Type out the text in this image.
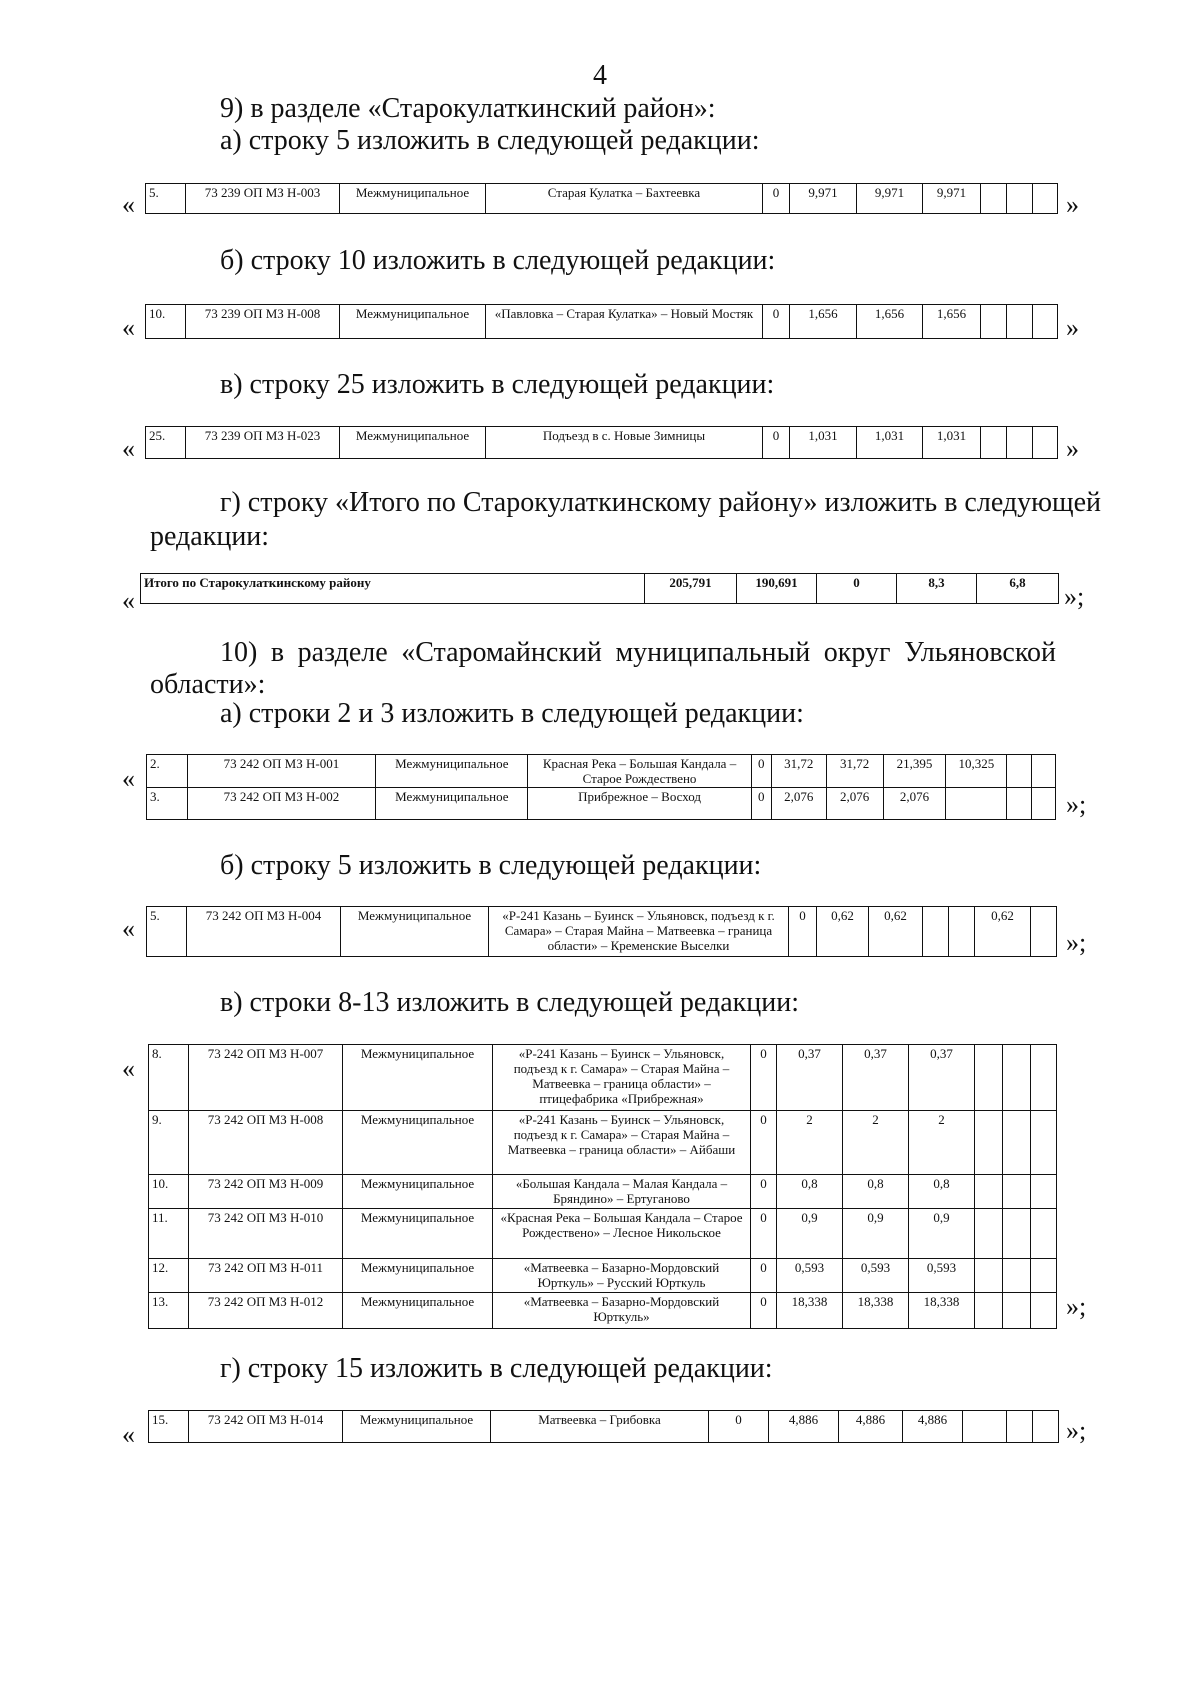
4
9) в разделе «Старокулаткинский район»:
а) строку 5 изложить в следующей редакции:
« 5.	73 239 ОП МЗ Н-003	Межмуниципальное	Старая Кулатка – Бахтеевка	0	9,971	9,971	9,971				»
б) строку 10 изложить в следующей редакции:
« 10.	73 239 ОП МЗ Н-008	Межмуниципальное	«Павловка – Старая Кулатка» – Новый Мостяк	0	1,656	1,656	1,656				»
в) строку 25 изложить в следующей редакции:
« 25.	73 239 ОП МЗ Н-023	Межмуниципальное	Подъезд в с. Новые Зимницы	0	1,031	1,031	1,031				»
г) строку «Итого по Старокулаткинскому району» изложить в следующей
редакции:
«
Итого по Старокулаткинскому району	205,791	190,691	0	8,3	6,8 »;
10) в разделе «Старомайнский муниципальный округ Ульяновской
области»:
а) строки 2 и 3 изложить в следующей редакции:
«
2.	73 242 ОП МЗ Н-001	Межмуниципальное	Красная Река – Большая Кандала – Старое Рождествено	0	31,72	31,72	21,395	10,325		
3.	73 242 ОП МЗ Н-002	Межмуниципальное	Прибрежное – Восход	0	2,076	2,076	2,076				»;
б) строку 5 изложить в следующей редакции:
« 5.	73 242 ОП МЗ Н-004	Межмуниципальное	«Р-241 Казань – Буинск – Ульяновск, подъезд к г. Самара» – Старая Майна – Матвеевка – граница области» – Кременские Выселки	0	0,62	0,62			0,62	
»;
в) строки 8-13 изложить в следующей редакции:
«
8.	73 242 ОП МЗ Н-007	Межмуниципальное	«Р-241 Казань – Буинск – Ульяновск, подъезд к г. Самара» – Старая Майна – Матвеевка – граница области» – птицефабрика «Прибрежная»	0	0,37	0,37	0,37			
9.	73 242 ОП МЗ Н-008	Межмуниципальное	«Р-241 Казань – Буинск – Ульяновск, подъезд к г. Самара» – Старая Майна – Матвеевка – граница области» – Айбаши	0	2	2	2			
10.	73 242 ОП МЗ Н-009	Межмуниципальное	«Большая Кандала – Малая Кандала – Бряндино» – Ертуганово	0	0,8	0,8	0,8			
11.	73 242 ОП МЗ Н-010	Межмуниципальное	«Красная Река – Большая Кандала – Старое Рождествено» – Лесное Никольское	0	0,9	0,9	0,9			
12.	73 242 ОП МЗ Н-011	Межмуниципальное	«Матвеевка – Базарно-Мордовский Юрткуль» – Русский Юрткуль	0	0,593	0,593	0,593			
13.	73 242 ОП МЗ Н-012	Межмуниципальное	«Матвеевка – Базарно-Мордовский Юрткуль»	0	18,338	18,338	18,338				»;
г) строку 15 изложить в следующей редакции:
«
15.	73 242 ОП МЗ Н-014	Межмуниципальное	Матвеевка – Грибовка	0	4,886	4,886	4,886				»;
